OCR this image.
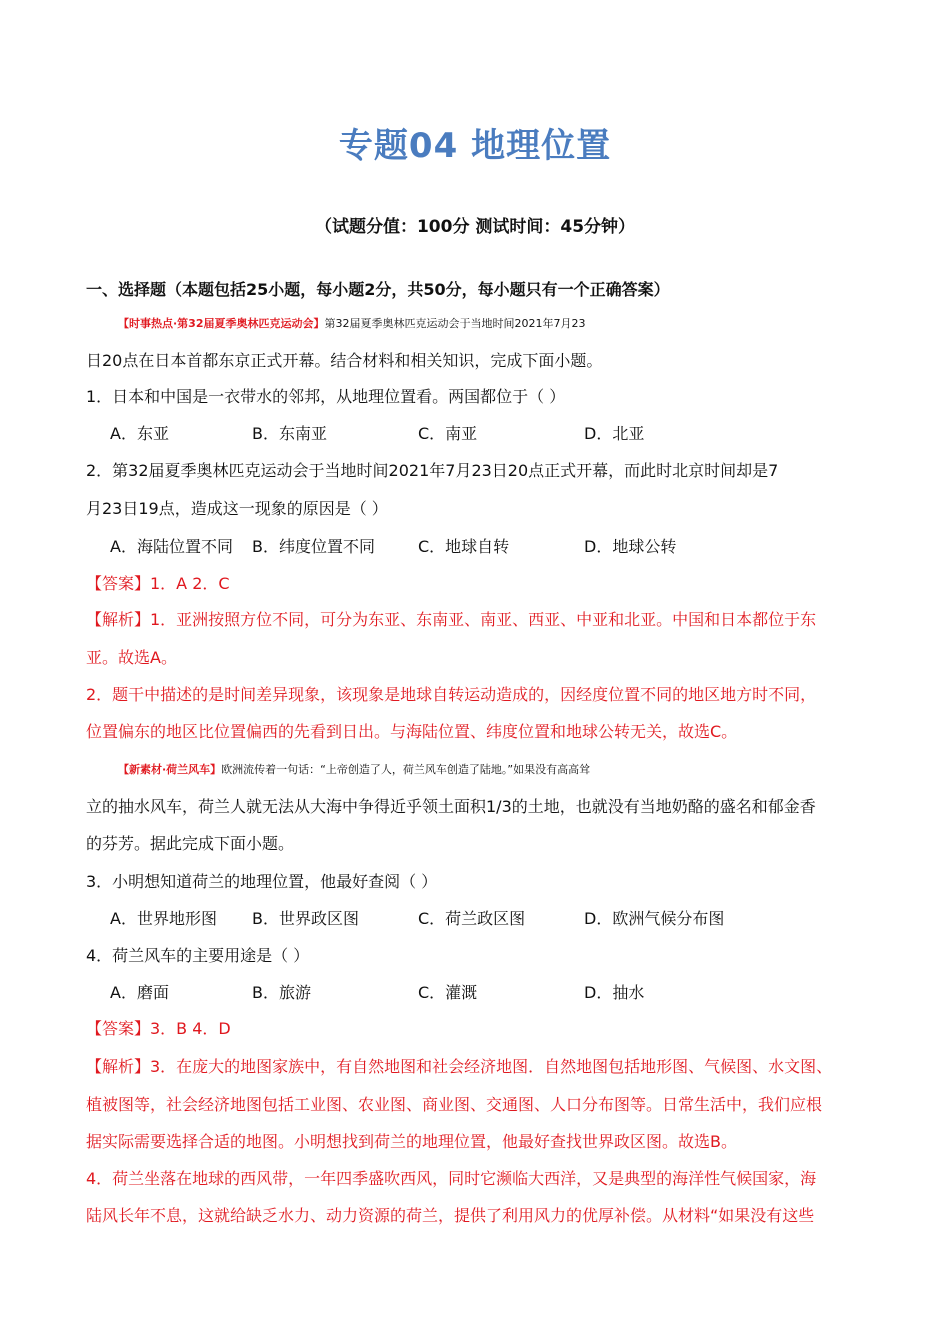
专题04 地理位置
（试题分值：100分 测试时间：45分钟）
一、选择题（本题包括25小题，每小题2分，共50分，每小题只有一个正确答案）
【时事热点·第32届夏季奥林匹克运动会】第32届夏季奥林匹克运动会于当地时间2021年7月23
日20点在日本首都东京正式开幕。结合材料和相关知识，完成下面小题。
1．日本和中国是一衣带水的邻邦，从地理位置看。两国都位于（ ）
A．东亚	B．东南亚	C．南亚	D．北亚
2．第32届夏季奥林匹克运动会于当地时间2021年7月23日20点正式开幕，而此时北京时间却是7
月23日19点，造成这一现象的原因是（ ）
A．海陆位置不同 B．纬度位置不同	C．地球自转	D．地球公转
【答案】1．A 2．C
【解析】1．亚洲按照方位不同，可分为东亚、东南亚、南亚、西亚、中亚和北亚。中国和日本都位于东
亚。故选A。
2．题干中描述的是时间差异现象，该现象是地球自转运动造成的，因经度位置不同的地区地方时不同，
位置偏东的地区比位置偏西的先看到日出。与海陆位置、纬度位置和地球公转无关，故选C。
【新素材·荷兰风车】欧洲流传着一句话：“上帝创造了人，荷兰风车创造了陆地。”如果没有高高耸
立的抽水风车，荷兰人就无法从大海中争得近乎领土面积1/3的土地，也就没有当地奶酪的盛名和郁金香
的芬芳。据此完成下面小题。
3．小明想知道荷兰的地理位置，他最好查阅（ ）
A．世界地形图 B．世界政区图	C．荷兰政区图	D．欧洲气候分布图
4．荷兰风车的主要用途是（ ）
A．磨面	B．旅游	C．灌溉	D．抽水
【答案】3．B 4．D
【解析】3．在庞大的地图家族中，有自然地图和社会经济地图．自然地图包括地形图、气候图、水文图、
植被图等，社会经济地图包括工业图、农业图、商业图、交通图、人口分布图等。日常生活中，我们应根
据实际需要选择合适的地图。小明想找到荷兰的地理位置，他最好查找世界政区图。故选B。
4．荷兰坐落在地球的西风带，一年四季盛吹西风，同时它濒临大西洋，又是典型的海洋性气候国家，海
陆风长年不息，这就给缺乏水力、动力资源的荷兰，提供了利用风力的优厚补偿。从材料“如果没有这些
